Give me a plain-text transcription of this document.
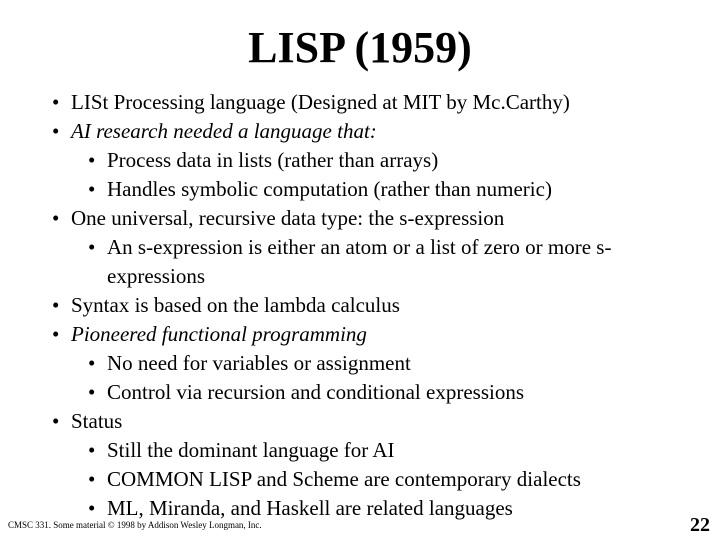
LISP (1959)
• LISt Processing language (Designed at MIT by Mc.Carthy)
• AI research needed a language that:
• Process data in lists (rather than arrays)
• Handles symbolic computation (rather than numeric)
• One universal, recursive data type: the s-expression
• An s-expression is either an atom or a list of zero or more s-expressions
• Syntax is based on the lambda calculus
• Pioneered functional programming
• No need for variables or assignment
• Control via recursion and conditional expressions
• Status
• Still the dominant language for AI
• COMMON LISP and Scheme are contemporary dialects
• ML, Miranda, and Haskell are related languages
CMSC 331. Some material © 1998 by Addison Wesley Longman, Inc.	22
